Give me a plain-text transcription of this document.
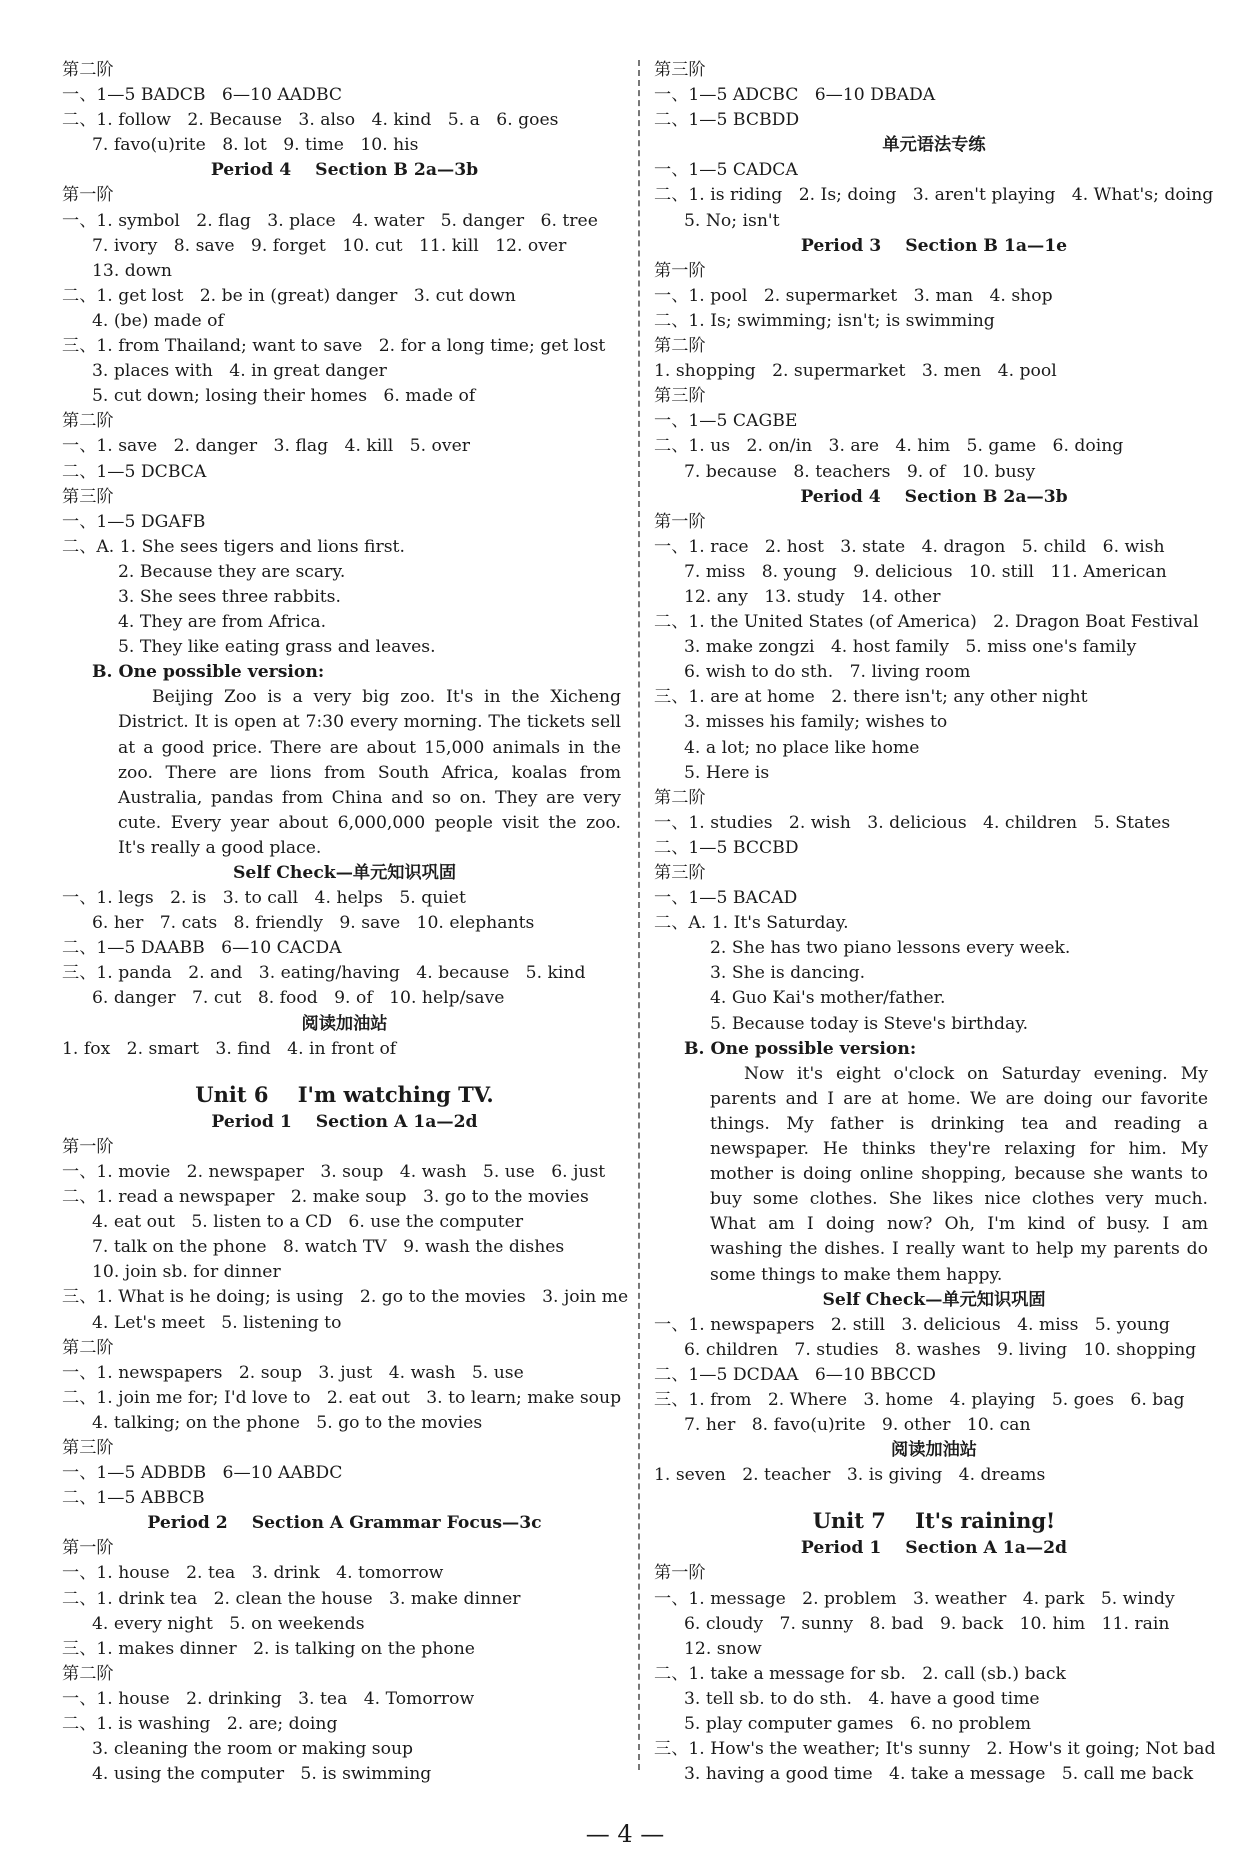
第二阶
一、1—5 BADCB   6—10 AADBC
二、1. follow   2. Because   3. also   4. kind   5. a   6. goes
7. favo(u)rite   8. lot   9. time   10. his
Period 4    Section B 2a—3b
第一阶
一、1. symbol   2. flag   3. place   4. water   5. danger   6. tree
7. ivory   8. save   9. forget   10. cut   11. kill   12. over
13. down
二、1. get lost   2. be in (great) danger   3. cut down
4. (be) made of
三、1. from Thailand; want to save   2. for a long time; get lost
3. places with   4. in great danger
5. cut down; losing their homes   6. made of
第二阶
一、1. save   2. danger   3. flag   4. kill   5. over
二、1—5 DCBCA
第三阶
一、1—5 DGAFB
二、A. 1. She sees tigers and lions first.
2. Because they are scary.
3. She sees three rabbits.
4. They are from Africa.
5. They like eating grass and leaves.
B. One possible version:
Beijing Zoo is a very big zoo. It's in the Xicheng District. It is open at 7:30 every morning. The tickets sell at a good price. There are about 15,000 animals in the zoo. There are lions from South Africa, koalas from Australia, pandas from China and so on. They are very cute. Every year about 6,000,000 people visit the zoo. It's really a good place.
Self Check—单元知识巩固
一、1. legs   2. is   3. to call   4. helps   5. quiet
6. her   7. cats   8. friendly   9. save   10. elephants
二、1—5 DAABB   6—10 CACDA
三、1. panda   2. and   3. eating/having   4. because   5. kind
6. danger   7. cut   8. food   9. of   10. help/save
阅读加油站
1. fox   2. smart   3. find   4. in front of
Unit 6    I'm watching TV.
Period 1    Section A 1a—2d
第一阶
一、1. movie   2. newspaper   3. soup   4. wash   5. use   6. just
二、1. read a newspaper   2. make soup   3. go to the movies
4. eat out   5. listen to a CD   6. use the computer
7. talk on the phone   8. watch TV   9. wash the dishes
10. join sb. for dinner
三、1. What is he doing; is using   2. go to the movies   3. join me
4. Let's meet   5. listening to
第二阶
一、1. newspapers   2. soup   3. just   4. wash   5. use
二、1. join me for; I'd love to   2. eat out   3. to learn; make soup
4. talking; on the phone   5. go to the movies
第三阶
一、1—5 ADBDB   6—10 AABDC
二、1—5 ABBCB
Period 2    Section A Grammar Focus—3c
第一阶
一、1. house   2. tea   3. drink   4. tomorrow
二、1. drink tea   2. clean the house   3. make dinner
4. every night   5. on weekends
三、1. makes dinner   2. is talking on the phone
第二阶
一、1. house   2. drinking   3. tea   4. Tomorrow
二、1. is washing   2. are; doing
3. cleaning the room or making soup
4. using the computer   5. is swimming
第三阶
一、1—5 ADCBC   6—10 DBADA
二、1—5 BCBDD
单元语法专练
一、1—5 CADCA
二、1. is riding   2. Is; doing   3. aren't playing   4. What's; doing
5. No; isn't
Period 3    Section B 1a—1e
第一阶
一、1. pool   2. supermarket   3. man   4. shop
二、1. Is; swimming; isn't; is swimming
第二阶
1. shopping   2. supermarket   3. men   4. pool
第三阶
一、1—5 CAGBE
二、1. us   2. on/in   3. are   4. him   5. game   6. doing
7. because   8. teachers   9. of   10. busy
Period 4    Section B 2a—3b
第一阶
一、1. race   2. host   3. state   4. dragon   5. child   6. wish
7. miss   8. young   9. delicious   10. still   11. American
12. any   13. study   14. other
二、1. the United States (of America)   2. Dragon Boat Festival
3. make zongzi   4. host family   5. miss one's family
6. wish to do sth.   7. living room
三、1. are at home   2. there isn't; any other night
3. misses his family; wishes to
4. a lot; no place like home
5. Here is
第二阶
一、1. studies   2. wish   3. delicious   4. children   5. States
二、1—5 BCCBD
第三阶
一、1—5 BACAD
二、A. 1. It's Saturday.
2. She has two piano lessons every week.
3. She is dancing.
4. Guo Kai's mother/father.
5. Because today is Steve's birthday.
B. One possible version:
Now it's eight o'clock on Saturday evening. My parents and I are at home. We are doing our favorite things. My father is drinking tea and reading a newspaper. He thinks they're relaxing for him. My mother is doing online shopping, because she wants to buy some clothes. She likes nice clothes very much. What am I doing now? Oh, I'm kind of busy. I am washing the dishes. I really want to help my parents do some things to make them happy.
Self Check—单元知识巩固
一、1. newspapers   2. still   3. delicious   4. miss   5. young
6. children   7. studies   8. washes   9. living   10. shopping
二、1—5 DCDAA   6—10 BBCCD
三、1. from   2. Where   3. home   4. playing   5. goes   6. bag
7. her   8. favo(u)rite   9. other   10. can
阅读加油站
1. seven   2. teacher   3. is giving   4. dreams
Unit 7    It's raining!
Period 1    Section A 1a—2d
第一阶
一、1. message   2. problem   3. weather   4. park   5. windy
6. cloudy   7. sunny   8. bad   9. back   10. him   11. rain
12. snow
二、1. take a message for sb.   2. call (sb.) back
3. tell sb. to do sth.   4. have a good time
5. play computer games   6. no problem
三、1. How's the weather; It's sunny   2. How's it going; Not bad
3. having a good time   4. take a message   5. call me back
— 4 —
